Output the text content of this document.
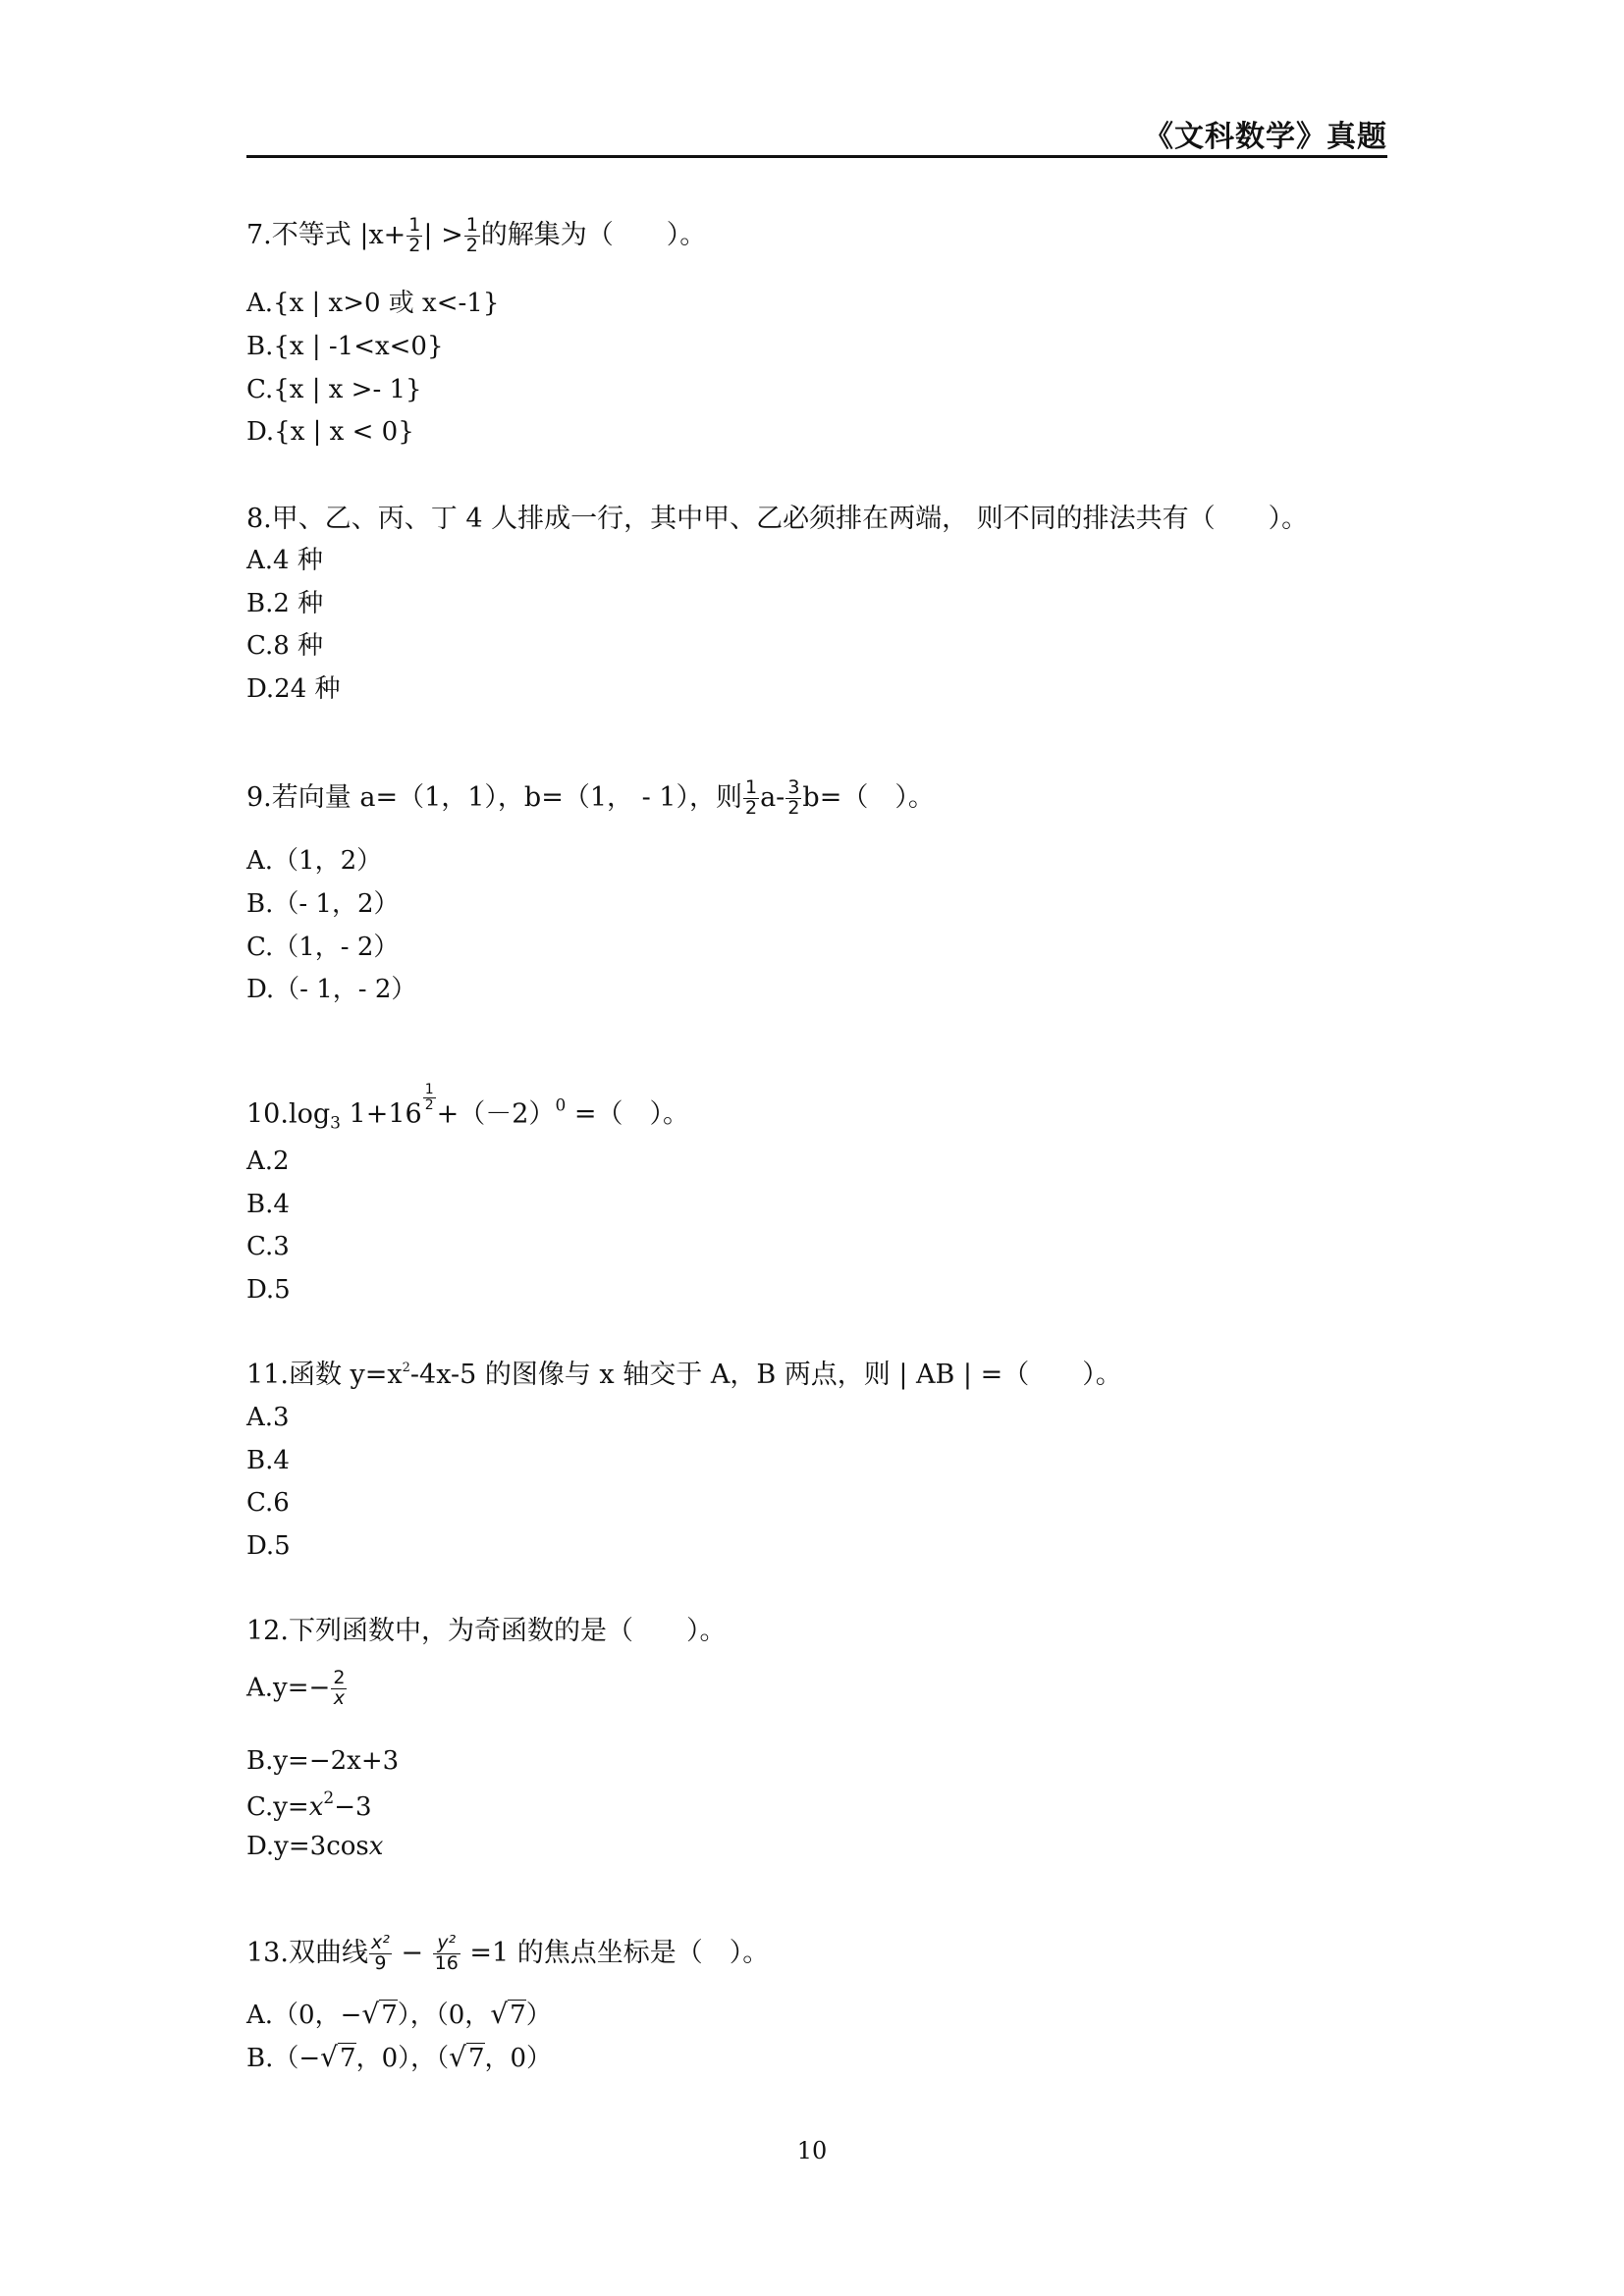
《文科数学》真题
7.不等式 $|x+ \frac{1}{2}$ | > $\frac{1}{2}$ 的解集为（　　）。
A.{x | x>0 或 x<-1}
B.{x | -1<x<0}
C.{x | x >- 1}
D.{x | x < 0}
8.甲、乙、丙、丁 4 人排成一行，其中甲、乙必须排在两端， 则不同的排法共有（　　）。
A.4 种
B.2 种
C.8 种
D.24 种
9.若向量 a=（1，1），b=（1， - 1），则 $\frac{1}{2} a- \frac{3}{2} b=$（　）。
A.（1，2）
B.（- 1，2）
C.（1，- 2）
D.（- 1，- 2）
$10.\log_3$ 1+16
$\frac{1}{2}$
$+(-2)^0$ =（　）。
A.2
B.4
C.3
D.5
11.函数 $y=x^2-4x-5$ 的图像与 x 轴交于 A，B 两点，则 | AB | =（　　）。
A.3
B.4
C.6
D.5
12.下列函数中，为奇函数的是（　　）。
$A.y=- \frac{2}{x}$
B.y=−2x+3
$C.y=x^2-3$
D.y=3cosx
13.双曲线 $\frac{\text{x²}}{9} - \frac{\text{y²}}{16} =1$ 的焦点坐标是（　）。
A.（0，−√7），（0，√7）
B.（−√7，0），（√7，0）
10
